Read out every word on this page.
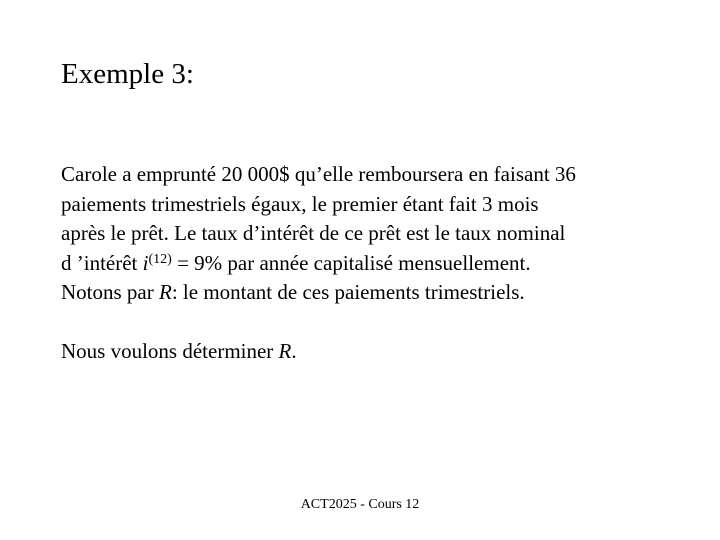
Exemple 3:
Carole a emprunté 20 000$ qu’elle remboursera en faisant 36
paiements trimestriels égaux, le premier étant fait 3 mois
après le prêt. Le taux d’intérêt de ce prêt est le taux nominal
d ’intérêt $i^{(12)} = 9\%$ par année capitalisé mensuellement.
Notons par R: le montant de ces paiements trimestriels.
Nous voulons déterminer R.
ACT2025 - Cours 12
